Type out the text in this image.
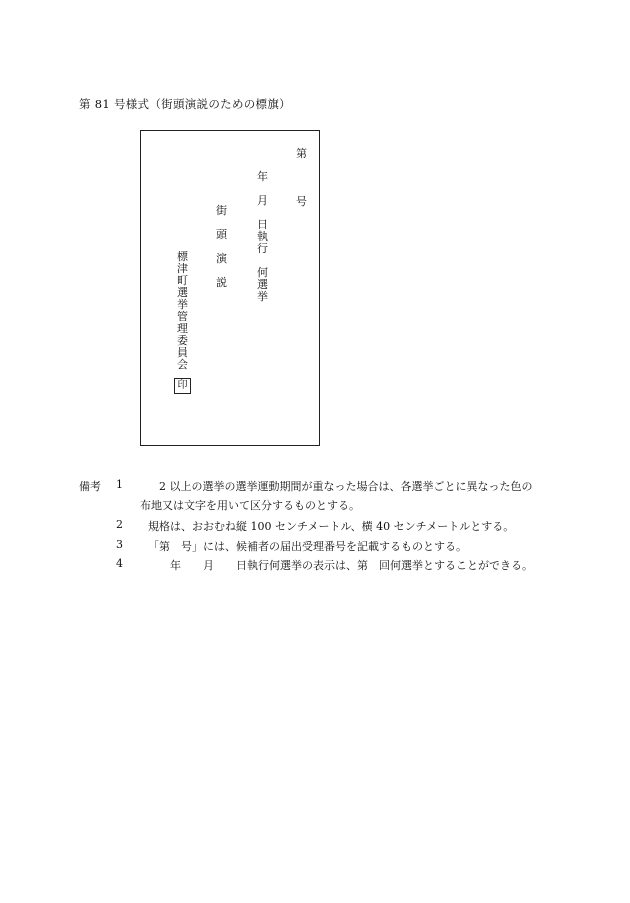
第 81 号様式（街頭演説のための標旗）
第

号
年

月

日
執
行

何
選
挙
街

頭

演

説
標
津
町
選
挙
管
理
委
員
会
印
備考 1 　2 以上の選挙の選挙運動期間が重なった場合は、各選挙ごとに異なった色の
布地又は文字を用いて区分するものとする。
2 規格は、おおむね縦 100 センチメートル、横 40 センチメートルとする。
3 「第　号」には、候補者の届出受理番号を記載するものとする。
4 　　年　　月　　日執行何選挙の表示は、第　回何選挙とすることができる。
